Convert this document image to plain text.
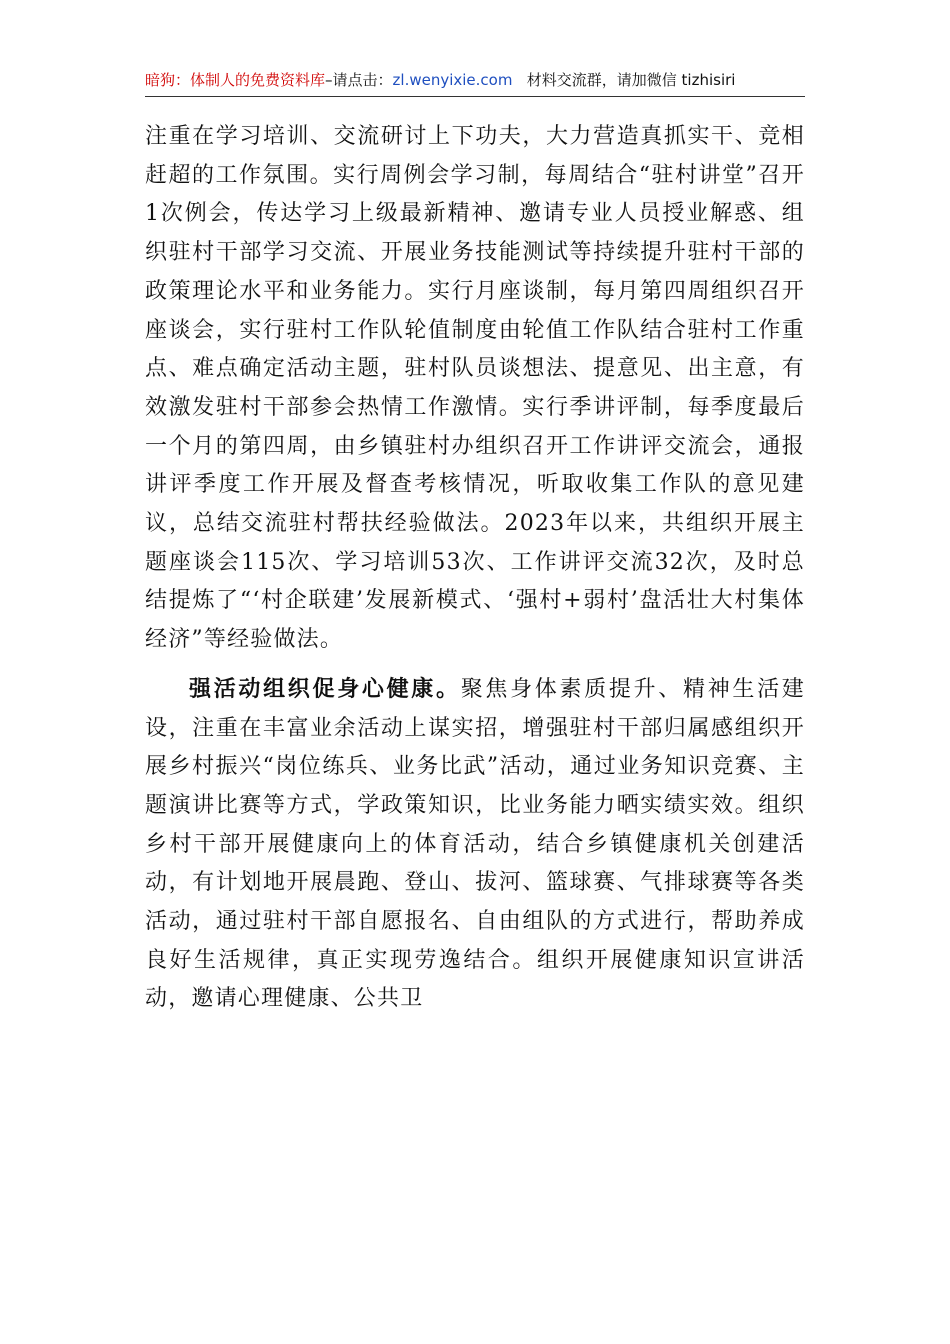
暗狗：体制人的免费资料库–请点击：zl.wenyixie.com 材料交流群，请加微信 tizhisiri

注重在学习培训、交流研讨上下功夫，大力营造真抓实干、竞相赶超的工作氛围。实行周例会学习制，每周结合“驻村讲堂”召开1次例会，传达学习上级最新精神、邀请专业人员授业解惑、组织驻村干部学习交流、开展业务技能测试等持续提升驻村干部的政策理论水平和业务能力。实行月座谈制，每月第四周组织召开座谈会，实行驻村工作队轮值制度由轮值工作队结合驻村工作重点、难点确定活动主题，驻村队员谈想法、提意见、出主意，有效激发驻村干部参会热情工作激情。实行季讲评制，每季度最后一个月的第四周，由乡镇驻村办组织召开工作讲评交流会，通报讲评季度工作开展及督查考核情况，听取收集工作队的意见建议，总结交流驻村帮扶经验做法。2023年以来，共组织开展主题座谈会115次、学习培训53次、工作讲评交流32次，及时总结提炼了“‘村企联建’发展新模式、‘强村+弱村’盘活壮大村集体经济”等经验做法。

强活动组织促身心健康。聚焦身体素质提升、精神生活建设，注重在丰富业余活动上谋实招，增强驻村干部归属感组织开展乡村振兴“岗位练兵、业务比武”活动，通过业务知识竞赛、主题演讲比赛等方式，学政策知识，比业务能力晒实绩实效。组织乡村干部开展健康向上的体育活动，结合乡镇健康机关创建活动，有计划地开展晨跑、登山、拔河、篮球赛、气排球赛等各类活动，通过驻村干部自愿报名、自由组队的方式进行，帮助养成良好生活规律，真正实现劳逸结合。组织开展健康知识宣讲活动，邀请心理健康、公共卫
